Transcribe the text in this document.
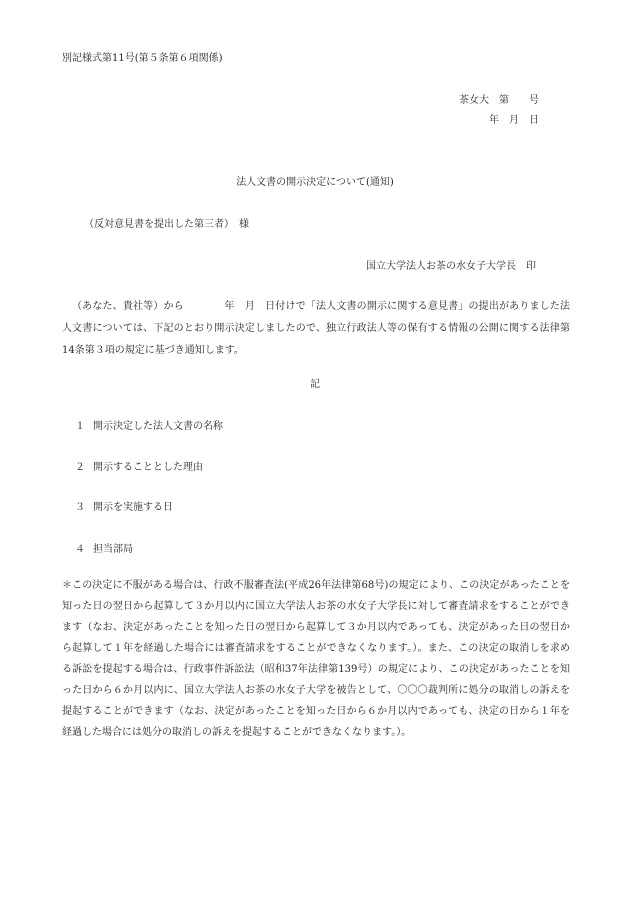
別記様式第11号(第５条第６項関係)
茶女大　第　　号
年　月　日
法人文書の開示決定について(通知)
（反対意見書を提出した第三者）　様
国立大学法人お茶の水女子大学長　印
（あなた、貴社等）から　　　　年　月　日付けで「法人文書の開示に関する意見書」の提出がありました法人文書については、下記のとおり開示決定しましたので、独立行政法人等の保有する情報の公開に関する法律第14条第３項の規定に基づき通知します。
記
１ 開示決定した法人文書の名称
２ 開示することとした理由
３ 開示を実施する日
４ 担当部局
＊この決定に不服がある場合は、行政不服審査法(平成26年法律第68号)の規定により、この決定があったことを知った日の翌日から起算して３か月以内に国立大学法人お茶の水女子大学長に対して審査請求をすることができます（なお、決定があったことを知った日の翌日から起算して３か月以内であっても、決定があった日の翌日から起算して１年を経過した場合には審査請求をすることができなくなります。）。また、この決定の取消しを求める訴訟を提起する場合は、行政事件訴訟法（昭和37年法律第139号）の規定により、この決定があったことを知った日から６か月以内に、国立大学法人お茶の水女子大学を被告として、〇〇〇裁判所に処分の取消しの訴えを提起することができます（なお、決定があったことを知った日から６か月以内であっても、決定の日から１年を経過した場合には処分の取消しの訴えを提起することができなくなります。）。
